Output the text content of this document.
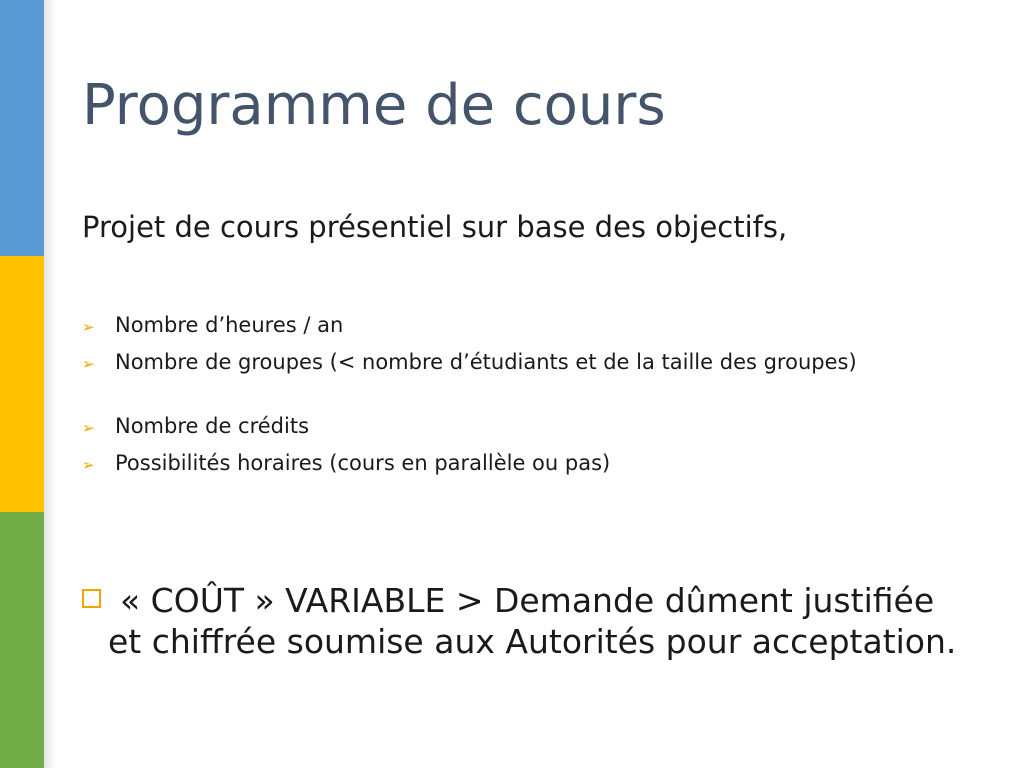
Programme de cours
Projet de cours présentiel sur base des objectifs,
➢ Nombre d’heures / an
➢ Nombre de groupes (< nombre d’étudiants et de la taille des groupes)
➢ Nombre de crédits
➢ Possibilités horaires (cours en parallèle ou pas)
« COÛT » VARIABLE > Demande dûment justifiée et chiffrée soumise aux Autorités pour acceptation.
